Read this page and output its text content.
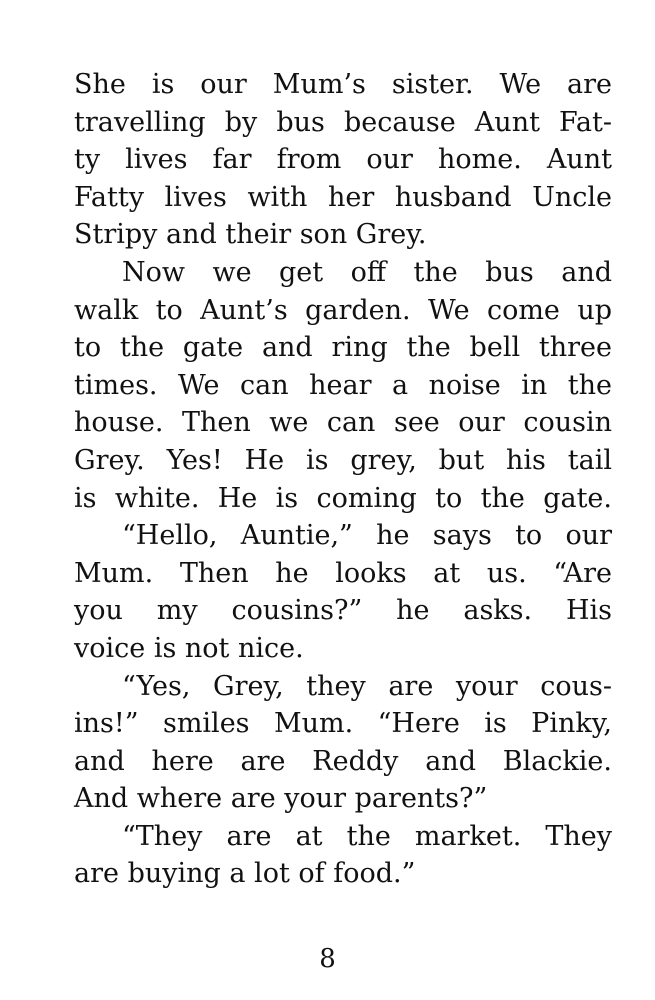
She is our Mum’s sister. We are
travelling by bus because Aunt Fat-
ty lives far from our home. Aunt
Fatty lives with her husband Uncle
Stripy and their son Grey.
Now we get off the bus and
walk to Aunt’s garden. We come up
to the gate and ring the bell three
times. We can hear a noise in the
house. Then we can see our cousin
Grey. Yes! He is grey, but his tail
is white. He is coming to the gate.
“Hello, Auntie,” he says to our
Mum. Then he looks at us. “Are
you my cousins?” he asks. His
voice is not nice.
“Yes, Grey, they are your cous-
ins!” smiles Mum. “Here is Pinky,
and here are Reddy and Blackie.
And where are your parents?”
“They are at the market. They
are buying a lot of food.”
8
